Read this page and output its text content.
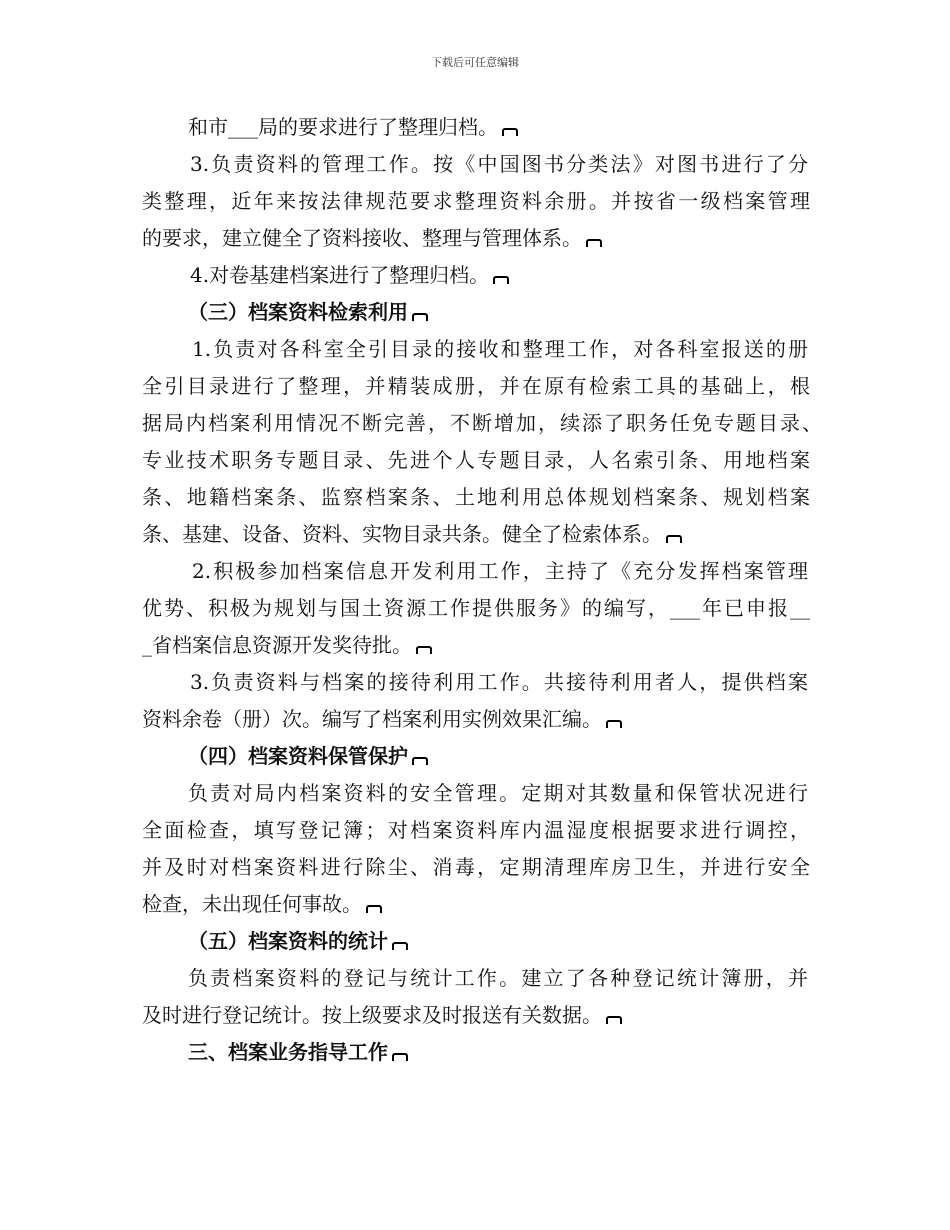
下载后可任意编辑
和市___局的要求进行了整理归档。
3.负责资料的管理工作。按《中国图书分类法》对图书进行了分
类整理，近年来按法律规范要求整理资料余册。并按省一级档案管理
的要求，建立健全了资料接收、整理与管理体系。
4.对卷基建档案进行了整理归档。
（三）档案资料检索利用
1.负责对各科室全引目录的接收和整理工作，对各科室报送的册
全引目录进行了整理，并精装成册，并在原有检索工具的基础上，根
据局内档案利用情况不断完善，不断增加，续添了职务任免专题目录、
专业技术职务专题目录、先进个人专题目录，人名索引条、用地档案
条、地籍档案条、监察档案条、土地利用总体规划档案条、规划档案
条、基建、设备、资料、实物目录共条。健全了检索体系。
2.积极参加档案信息开发利用工作，主持了《充分发挥档案管理
优势、积极为规划与国土资源工作提供服务》的编写，___年已申报__
_省档案信息资源开发奖待批。
3.负责资料与档案的接待利用工作。共接待利用者人，提供档案
资料余卷（册）次。编写了档案利用实例效果汇编。
（四）档案资料保管保护
负责对局内档案资料的安全管理。定期对其数量和保管状况进行
全面检查，填写登记簿；对档案资料库内温湿度根据要求进行调控，
并及时对档案资料进行除尘、消毒，定期清理库房卫生，并进行安全
检查，未出现任何事故。
（五）档案资料的统计
负责档案资料的登记与统计工作。建立了各种登记统计簿册，并
及时进行登记统计。按上级要求及时报送有关数据。
三、档案业务指导工作
